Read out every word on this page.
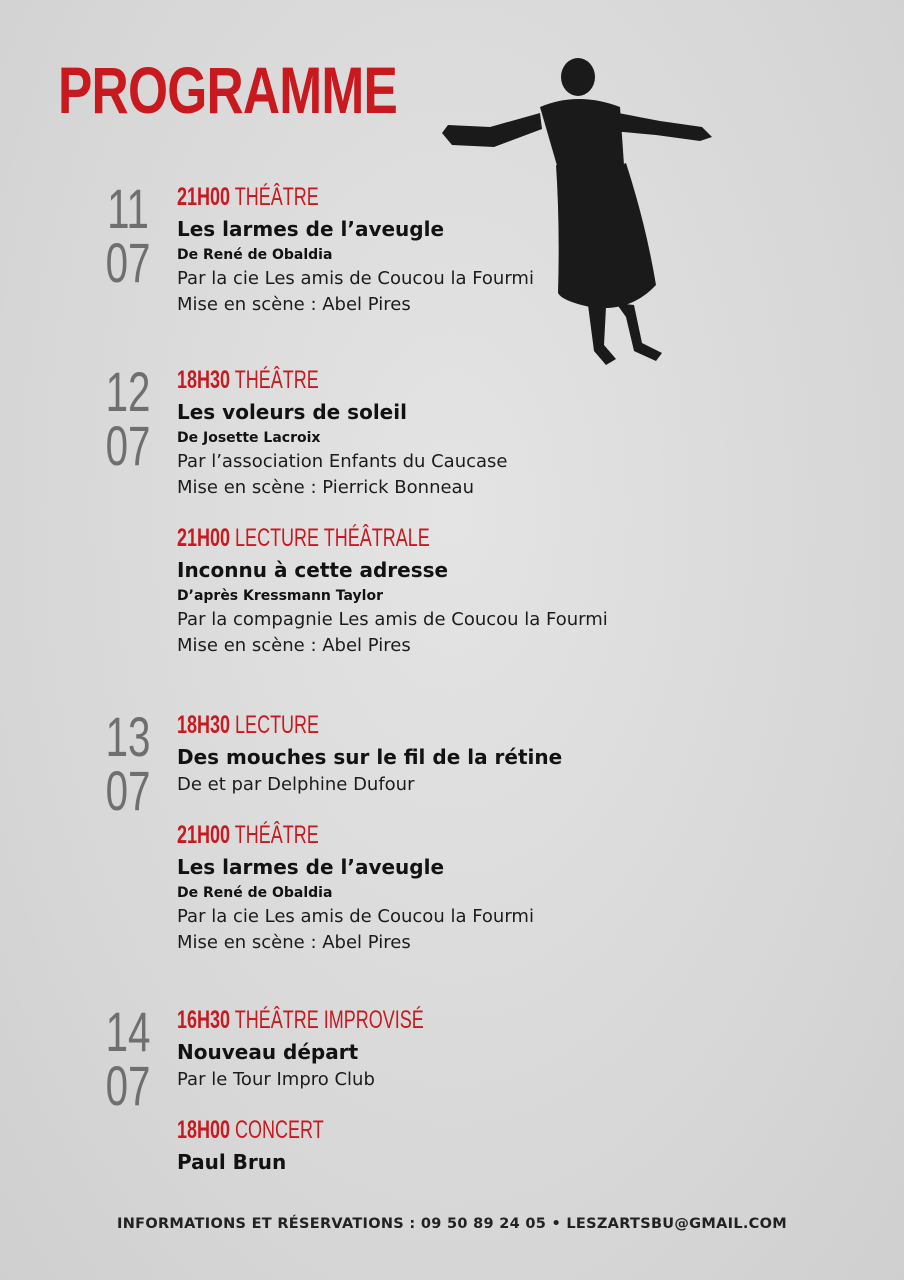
PROGRAMME
11
07
21H00 THÉÂTRE
Les larmes de l’aveugle
De René de Obaldia
Par la cie Les amis de Coucou la Fourmi
Mise en scène : Abel Pires
12
07
18H30 THÉÂTRE
Les voleurs de soleil
De Josette Lacroix
Par l’association Enfants du Caucase
Mise en scène : Pierrick Bonneau
21H00 LECTURE THÉÂTRALE
Inconnu à cette adresse
D’après Kressmann Taylor
Par la compagnie Les amis de Coucou la Fourmi
Mise en scène : Abel Pires
13
07
18H30 LECTURE
Des mouches sur le fil de la rétine
De et par Delphine Dufour
21H00 THÉÂTRE
Les larmes de l’aveugle
De René de Obaldia
Par la cie Les amis de Coucou la Fourmi
Mise en scène : Abel Pires
14
07
16H30 THÉÂTRE IMPROVISÉ
Nouveau départ
Par le Tour Impro Club
18H00 CONCERT
Paul Brun
INFORMATIONS ET RÉSERVATIONS : 09 50 89 24 05 • LESZARTSBU@GMAIL.COM
